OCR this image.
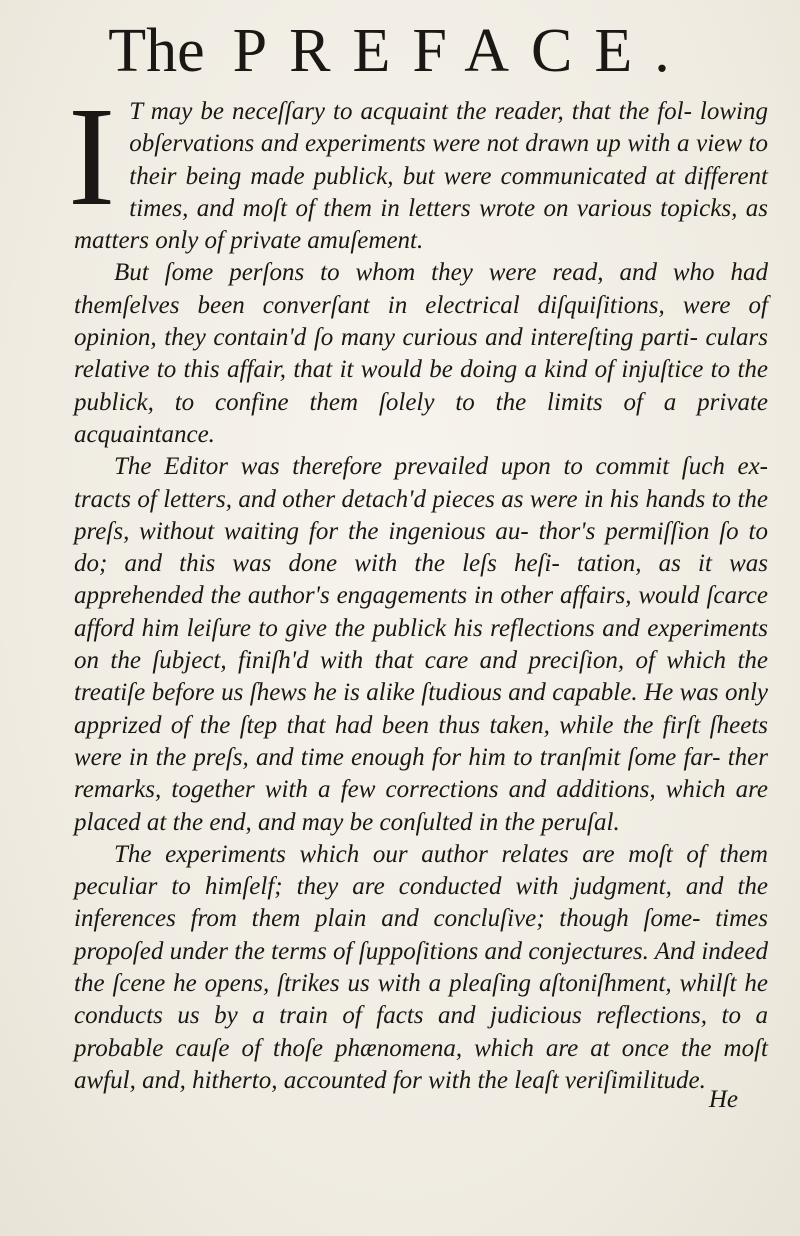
The PREFACE.
I T may be neceſſary to acquaint the reader, that the fol- lowing obſervations and experiments were not drawn up with a view to their being made publick, but were communicated at different times, and moſt of them in letters wrote on various topicks, as matters only of private amuſement.

But ſome perſons to whom they were read, and who had themſelves been converſant in electrical diſquiſitions, were of opinion, they contain'd ſo many curious and intereſting parti- culars relative to this affair, that it would be doing a kind of injuſtice to the publick, to confine them ſolely to the limits of a private acquaintance.

The Editor was therefore prevailed upon to commit ſuch ex- tracts of letters, and other detach'd pieces as were in his hands to the preſs, without waiting for the ingenious au- thor's permiſſion ſo to do; and this was done with the leſs heſi- tation, as it was apprehended the author's engagements in other affairs, would ſcarce afford him leiſure to give the publick his reflections and experiments on the ſubject, finiſh'd with that care and preciſion, of which the treatiſe before us ſhews he is alike ſtudious and capable. He was only apprized of the ſtep that had been thus taken, while the firſt ſheets were in the preſs, and time enough for him to tranſmit ſome far- ther remarks, together with a few corrections and additions, which are placed at the end, and may be conſulted in the peruſal.

The experiments which our author relates are moſt of them peculiar to himſelf; they are conducted with judgment, and the inferences from them plain and concluſive; though ſome- times propoſed under the terms of ſuppoſitions and conjectures. And indeed the ſcene he opens, ſtrikes us with a pleaſing aſtoniſhment, whilſt he conducts us by a train of facts and judicious reflections, to a probable cauſe of thoſe phænomena, which are at once the moſt awful, and, hitherto, accounted for with the leaſt veriſimilitude.

He
